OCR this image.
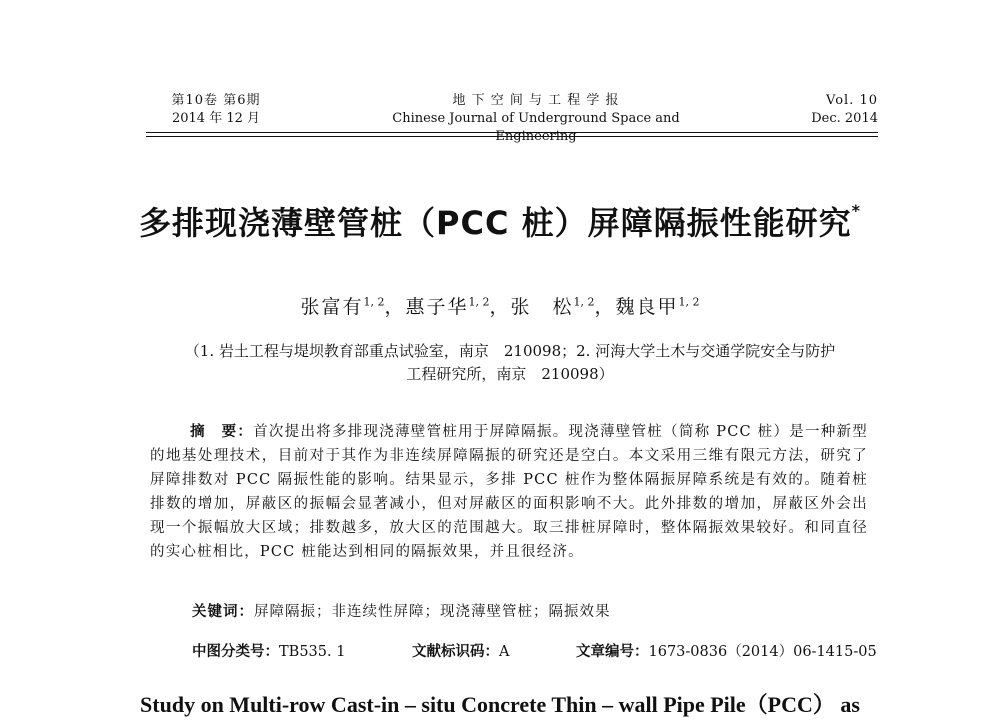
第10卷 第6期
2014 年 12 月
地 下 空 间 与 工 程 学 报
Chinese Journal of Underground Space and Engineering
Vol. 10
Dec. 2014
多排现浇薄壁管桩（PCC 桩）屏障隔振性能研究*
张富有$^{1, 2}$，惠子华$^{1, 2}$，张　松$^{1, 2}$，魏良甲$^{1, 2}$
（1. 岩土工程与堤坝教育部重点试验室，南京　210098；2. 河海大学土木与交通学院安全与防护
工程研究所，南京　210098）
摘　要：首次提出将多排现浇薄壁管桩用于屏障隔振。现浇薄壁管桩（简称 PCC 桩）是一种新型的地基处理技术，目前对于其作为非连续屏障隔振的研究还是空白。本文采用三维有限元方法，研究了屏障排数对 PCC 隔振性能的影响。结果显示，多排 PCC 桩作为整体隔振屏障系统是有效的。随着桩排数的增加，屏蔽区的振幅会显著减小，但对屏蔽区的面积影响不大。此外排数的增加，屏蔽区外会出现一个振幅放大区域；排数越多，放大区的范围越大。取三排桩屏障时，整体隔振效果较好。和同直径的实心桩相比，PCC 桩能达到相同的隔振效果，并且很经济。
关键词：屏障隔振；非连续性屏障；现浇薄壁管桩；隔振效果
中图分类号：TB535. 1	文献标识码：A	文章编号：1673-0836（2014）06-1415-05
Study on Multi-row Cast-in – situ Concrete Thin – wall Pipe Pile（PCC） as
